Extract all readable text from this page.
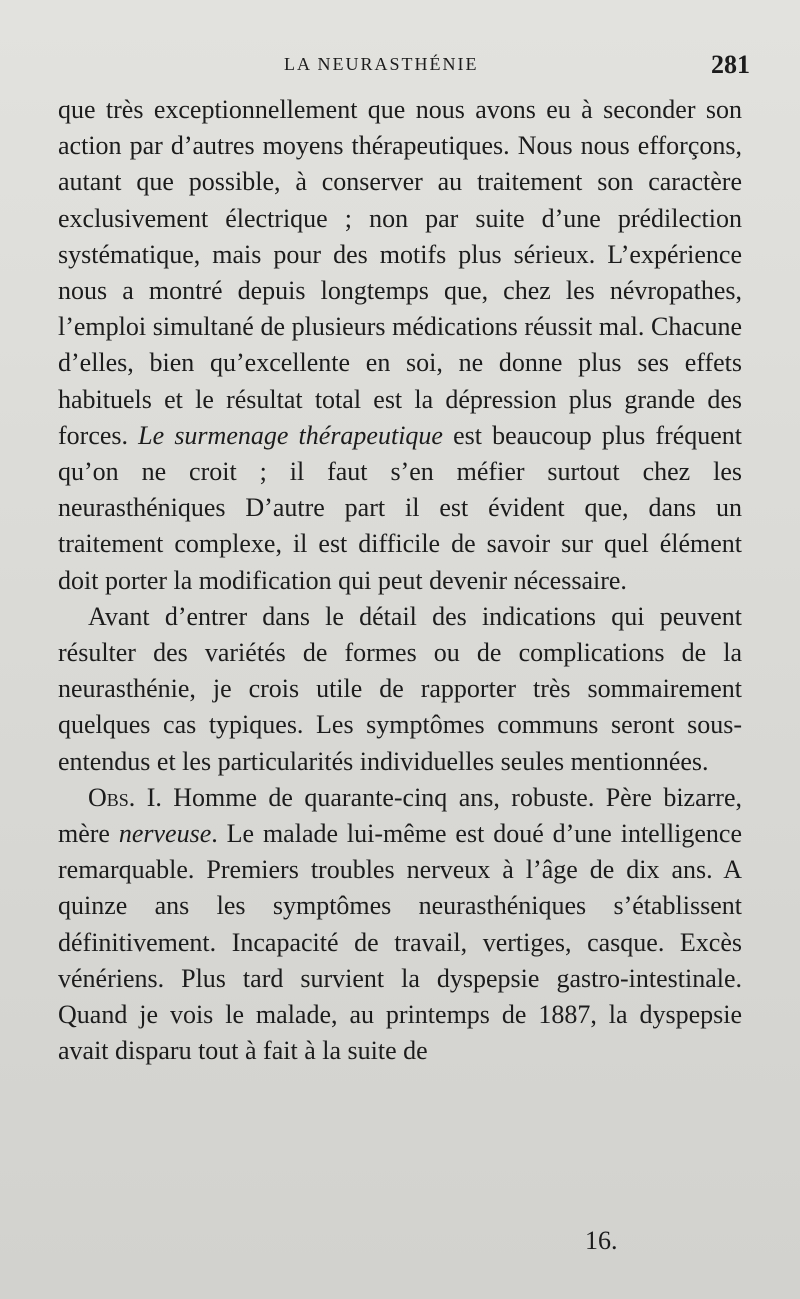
LA NEURASTHÉNIE	281

que très exceptionnellement que nous avons eu à seconder son action par d’autres moyens thérapeutiques. Nous nous efforçons, autant que possible, à conserver au traitement son caractère exclusivement électrique ; non par suite d’une prédilection systématique, mais pour des motifs plus sérieux. L’expérience nous a montré depuis longtemps que, chez les névropathes, l’emploi simultané de plusieurs médications réussit mal. Chacune d’elles, bien qu’excellente en soi, ne donne plus ses effets habituels et le résultat total est la dépression plus grande des forces. Le surmenage thérapeutique est beaucoup plus fréquent qu’on ne croit ; il faut s’en méfier surtout chez les neurasthéniques D’autre part il est évident que, dans un traitement complexe, il est difficile de savoir sur quel élément doit porter la modification qui peut devenir nécessaire.

Avant d’entrer dans le détail des indications qui peuvent résulter des variétés de formes ou de complications de la neurasthénie, je crois utile de rapporter très sommairement quelques cas typiques. Les symptômes communs seront sous-entendus et les particularités individuelles seules mentionnées.

Obs. I. Homme de quarante-cinq ans, robuste. Père bizarre, mère nerveuse. Le malade lui-même est doué d’une intelligence remarquable. Premiers troubles nerveux à l’âge de dix ans. A quinze ans les symptômes neurasthéniques s’établissent définitivement. Incapacité de travail, vertiges, casque. Excès vénériens. Plus tard survient la dyspepsie gastro-intestinale. Quand je vois le malade, au printemps de 1887, la dyspepsie avait disparu tout à fait à la suite de

16.
